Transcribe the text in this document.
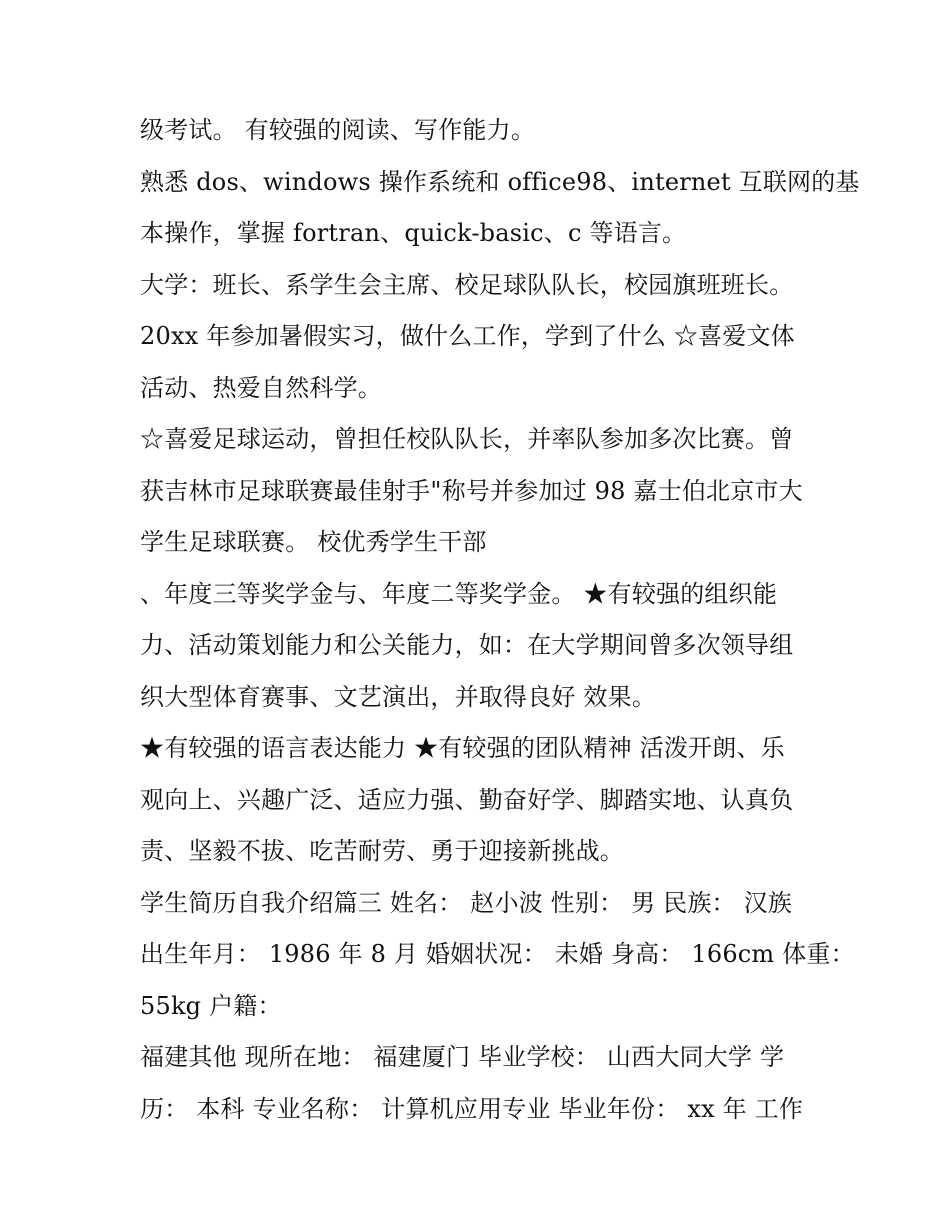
级考试。 有较强的阅读、写作能力。
熟悉 dos、windows 操作系统和 office98、internet 互联网的基
本操作，掌握 fortran、quick-basic、c 等语言。
大学：班长、系学生会主席、校足球队队长，校园旗班班长。
20xx 年参加暑假实习，做什么工作，学到了什么 ☆喜爱文体
活动、热爱自然科学。
☆喜爱足球运动，曾担任校队队长，并率队参加多次比赛。曾
获吉林市足球联赛最佳射手"称号并参加过 98 嘉士伯北京市大
学生足球联赛。 校优秀学生干部
、年度三等奖学金与、年度二等奖学金。 ★有较强的组织能
力、活动策划能力和公关能力，如：在大学期间曾多次领导组
织大型体育赛事、文艺演出，并取得良好 效果。
★有较强的语言表达能力 ★有较强的团队精神 活泼开朗、乐
观向上、兴趣广泛、适应力强、勤奋好学、脚踏实地、认真负
责、坚毅不拔、吃苦耐劳、勇于迎接新挑战。
学生简历自我介绍篇三 姓名： 赵小波 性别： 男 民族： 汉族
出生年月： 1986 年 8 月 婚姻状况： 未婚 身高： 166cm 体重：
55kg 户籍：
福建其他 现所在地： 福建厦门 毕业学校： 山西大同大学 学
历： 本科 专业名称： 计算机应用专业 毕业年份： xx 年 工作
